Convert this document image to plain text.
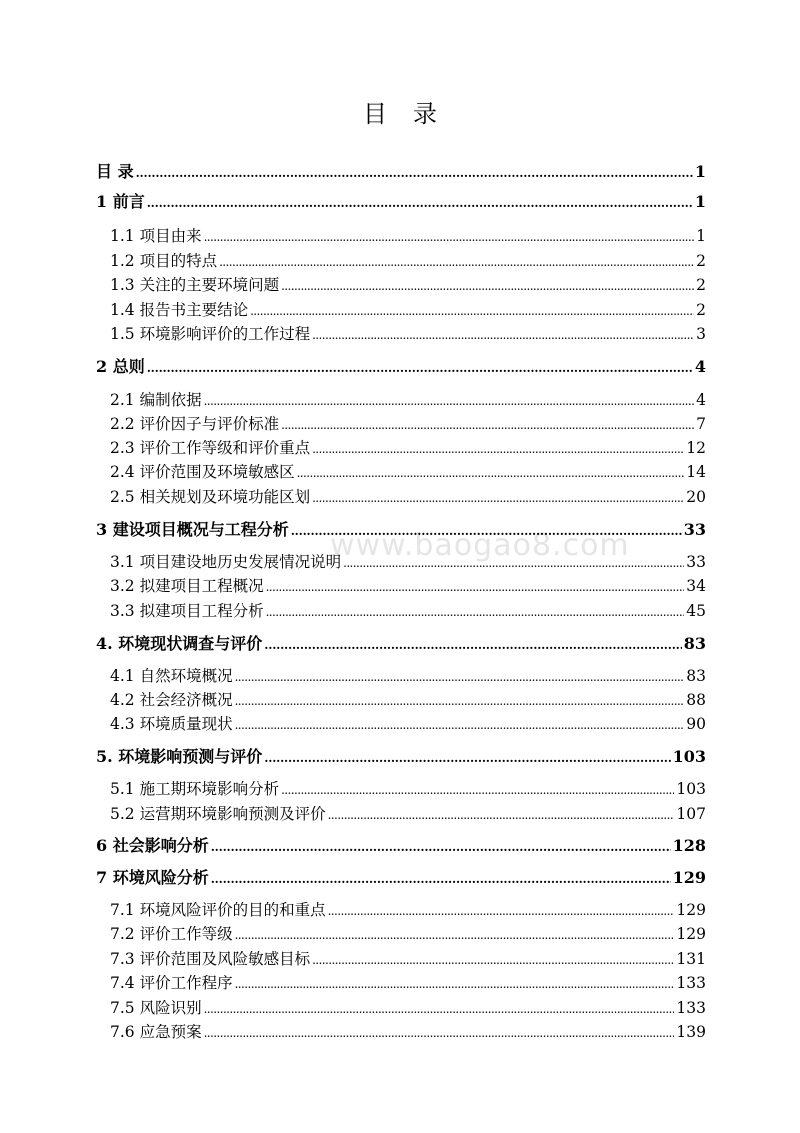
目 录
www.baogao8.com
目 录 . . .	1
1 前言 . . .	1
1.1 项目由来 . . .	1
1.2 项目的特点 . . .	2
1.3 关注的主要环境问题 . . .	2
1.4 报告书主要结论 . . .	2
1.5 环境影响评价的工作过程 . . .	3
2 总则 . . .	4
2.1 编制依据 . . .	4
2.2 评价因子与评价标准 . . .	7
2.3 评价工作等级和评价重点 . . .	12
2.4 评价范围及环境敏感区 . . .	14
2.5 相关规划及环境功能区划 . . .	20
3 建设项目概况与工程分析 . . .	33
3.1 项目建设地历史发展情况说明 . . .	33
3.2 拟建项目工程概况 . . .	34
3.3 拟建项目工程分析 . . .	45
4. 环境现状调查与评价 . . .	83
4.1 自然环境概况 . . .	83
4.2 社会经济概况 . . .	88
4.3 环境质量现状 . . .	90
5. 环境影响预测与评价 . . .	103
5.1 施工期环境影响分析 . . .	103
5.2 运营期环境影响预测及评价 . . .	107
6 社会影响分析 . . .	128
7 环境风险分析 . . .	129
7.1 环境风险评价的目的和重点 . . .	129
7.2 评价工作等级 . . .	129
7.3 评价范围及风险敏感目标 . . .	131
7.4 评价工作程序 . . .	133
7.5 风险识别 . . .	133
7.6 应急预案 . . .	139
